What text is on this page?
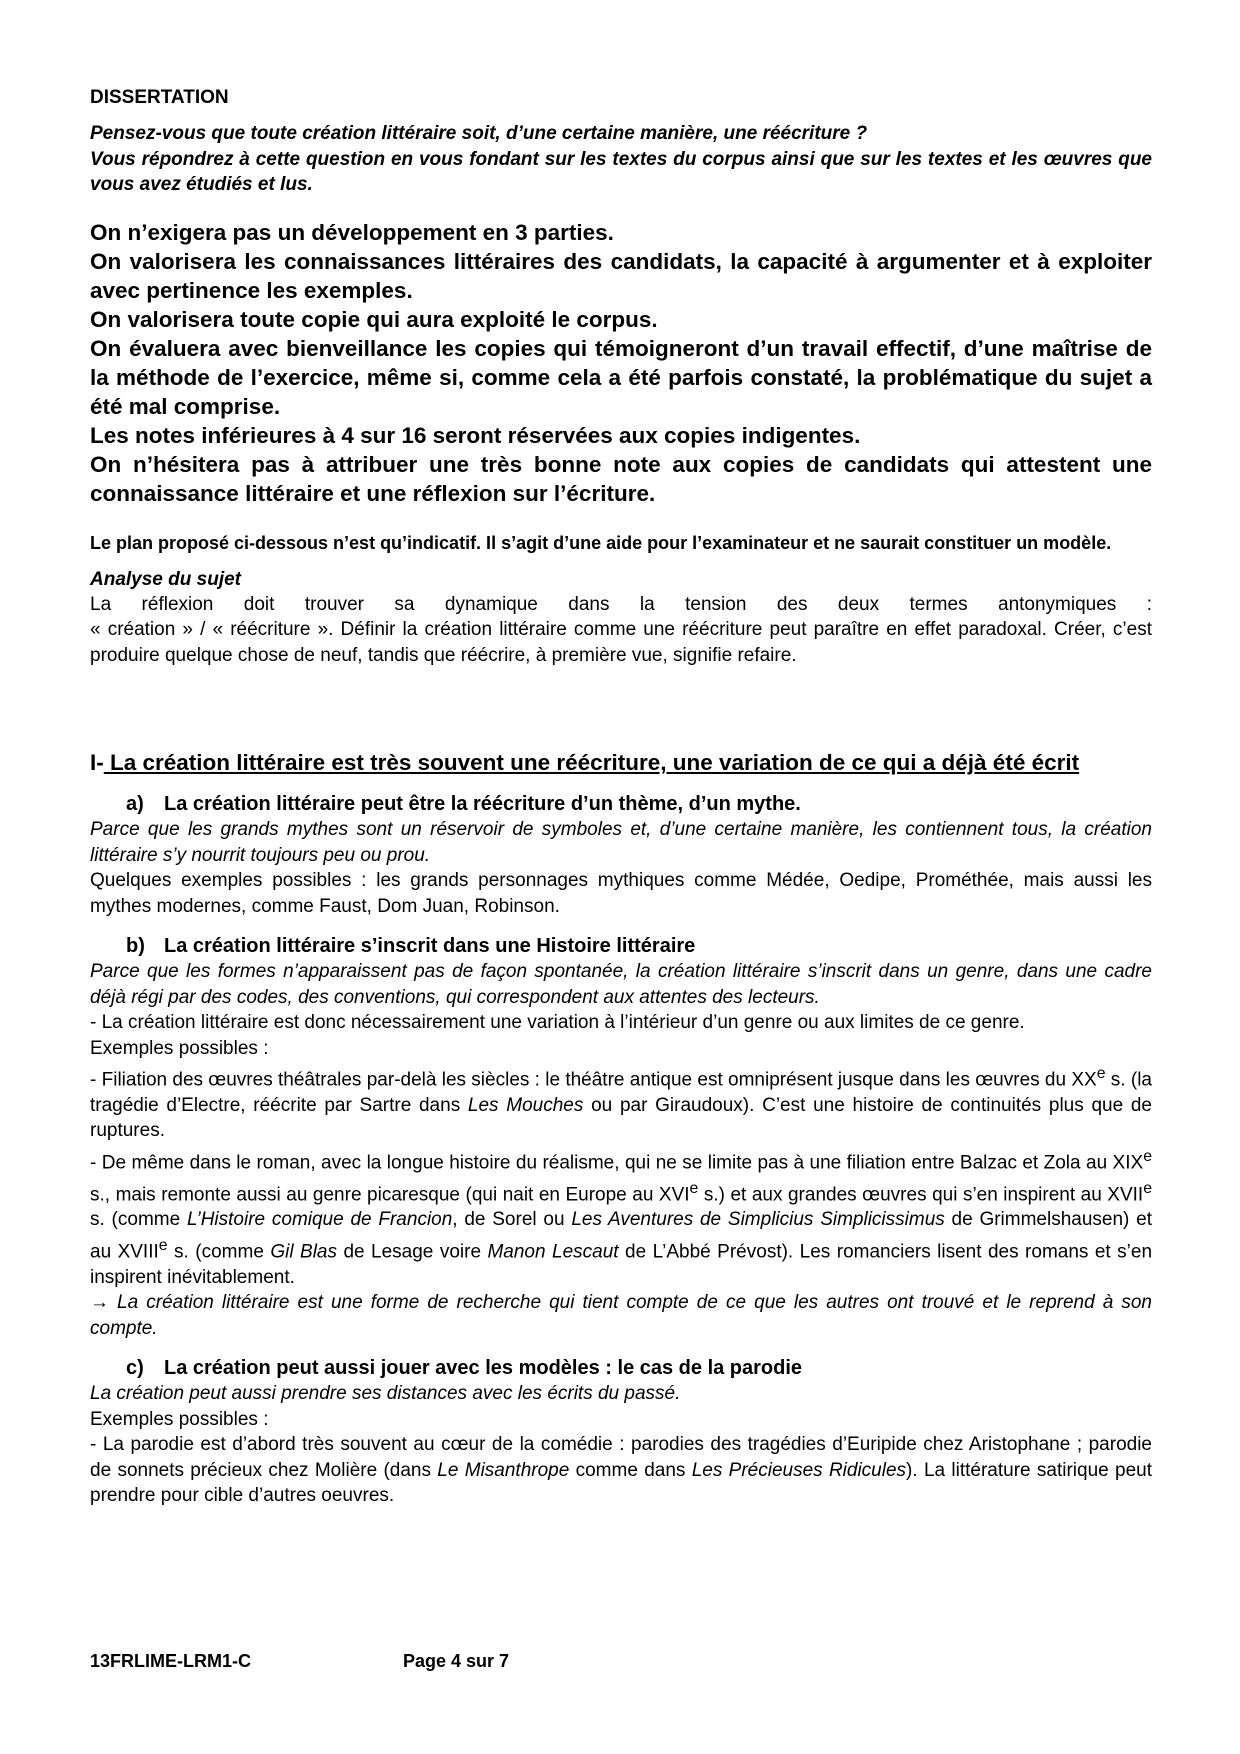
DISSERTATION

Pensez-vous que toute création littéraire soit, d’une certaine manière, une réécriture ?

Vous répondrez à cette question en vous fondant sur les textes du corpus ainsi que sur les textes et les œuvres que vous avez étudiés et lus.

On n’exigera pas un développement en 3 parties.

On valorisera les connaissances littéraires des candidats, la capacité à argumenter et à exploiter avec pertinence les exemples.

On valorisera toute copie qui aura exploité le corpus.

On évaluera avec bienveillance les copies qui témoigneront d’un travail effectif, d’une maîtrise de la méthode de l’exercice, même si, comme cela a été parfois constaté, la problématique du sujet a été mal comprise.

Les notes inférieures à 4 sur 16 seront réservées aux copies indigentes.

On n’hésitera pas à attribuer une très bonne note aux copies de candidats qui attestent une connaissance littéraire et une réflexion sur l’écriture.

Le plan proposé ci-dessous n’est qu’indicatif. Il s’agit d’une aide pour l’examinateur et ne saurait constituer un modèle.

Analyse du sujet

La réflexion doit trouver sa dynamique dans la tension des deux termes antonymiques :

« création » / « réécriture ». Définir la création littéraire comme une réécriture peut paraître en effet paradoxal. Créer, c’est produire quelque chose de neuf, tandis que réécrire, à première vue, signifie refaire.

I- La création littéraire est très souvent une réécriture, une variation de ce qui a déjà été écrit

a) La création littéraire peut être la réécriture d’un thème, d’un mythe.

Parce que les grands mythes sont un réservoir de symboles et, d’une certaine manière, les contiennent tous, la création littéraire s’y nourrit toujours peu ou prou.

Quelques exemples possibles : les grands personnages mythiques comme Médée, Oedipe, Prométhée, mais aussi les mythes modernes, comme Faust, Dom Juan, Robinson.

b) La création littéraire s’inscrit dans une Histoire littéraire

Parce que les formes n’apparaissent pas de façon spontanée, la création littéraire s’inscrit dans un genre, dans une cadre déjà régi par des codes, des conventions, qui correspondent aux attentes des lecteurs.

- La création littéraire est donc nécessairement une variation à l’intérieur d’un genre ou aux limites de ce genre.

Exemples possibles :

- Filiation des œuvres théâtrales par-delà les siècles : le théâtre antique est omniprésent jusque dans les œuvres du XXe s. (la tragédie d’Electre, réécrite par Sartre dans Les Mouches ou par Giraudoux). C’est une histoire de continuités plus que de ruptures.

- De même dans le roman, avec la longue histoire du réalisme, qui ne se limite pas à une filiation entre Balzac et Zola au XIXe s., mais remonte aussi au genre picaresque (qui nait en Europe au XVIe s.) et aux grandes œuvres qui s’en inspirent au XVIIe s. (comme L’Histoire comique de Francion, de Sorel ou Les Aventures de Simplicius Simplicissimus de Grimmelshausen) et au XVIIIe s. (comme Gil Blas de Lesage voire Manon Lescaut de L’Abbé Prévost). Les romanciers lisent des romans et s’en inspirent inévitablement.

→ La création littéraire est une forme de recherche qui tient compte de ce que les autres ont trouvé et le reprend à son compte.

c) La création peut aussi jouer avec les modèles : le cas de la parodie

La création peut aussi prendre ses distances avec les écrits du passé.

Exemples possibles :

- La parodie est d’abord très souvent au cœur de la comédie : parodies des tragédies d’Euripide chez Aristophane ; parodie de sonnets précieux chez Molière (dans Le Misanthrope comme dans Les Précieuses Ridicules). La littérature satirique peut prendre pour cible d’autres oeuvres.

13FRLIME-LRM1-C	Page 4 sur 7
